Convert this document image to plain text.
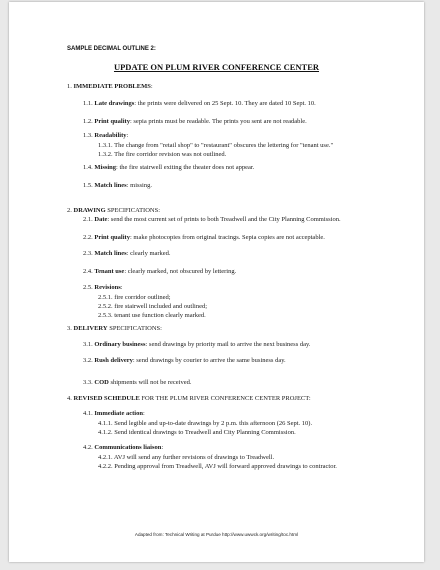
SAMPLE DECIMAL OUTLINE 2:
UPDATE ON PLUM RIVER CONFERENCE CENTER
1. IMMEDIATE PROBLEMS:
1.1. Late drawings: the prints were delivered on 25 Sept. 10. They are dated 10 Sept. 10.
1.2. Print quality: sepia prints must be readable. The prints you sent are not readable.
1.3. Readability:
1.3.1. The change from "retail shop" to "restaurant" obscures the lettering for "tenant use."
1.3.2. The fire corridor revision was not outlined.
1.4. Missing: the fire stairwell exiting the theater does not appear.
1.5. Match lines: missing.
2. DRAWING SPECIFICATIONS:
2.1. Date: send the most current set of prints to both Treadwell and the City Planning Commission.
2.2. Print quality: make photocopies from original tracings. Sepia copies are not acceptable.
2.3. Match lines: clearly marked.
2.4. Tenant use: clearly marked, not obscured by lettering.
2.5. Revisions:
2.5.1. fire corridor outlined;
2.5.2. fire stairwell included and outlined;
2.5.3. tenant use function clearly marked.
3. DELIVERY SPECIFICATIONS:
3.1. Ordinary business: send drawings by priority mail to arrive the next business day.
3.2. Rush delivery: send drawings by courier to arrive the same business day.
3.3. COD shipments will not be received.
4. REVISED SCHEDULE FOR THE PLUM RIVER CONFERENCE CENTER PROJECT:
4.1. Immediate action:
4.1.1. Send legible and up-to-date drawings by 2 p.m. this afternoon (26 Sept. 10).
4.1.2. Send identical drawings to Treadwell and City Planning Commission.
4.2. Communications liaison:
4.2.1. AVJ will send any further revisions of drawings to Treadwell.
4.2.2. Pending approval from Treadwell, AVJ will forward approved drawings to contractor.
Adapted from: Technical Writing at Purdue http://www.uwwck.org/writing/toc.html
